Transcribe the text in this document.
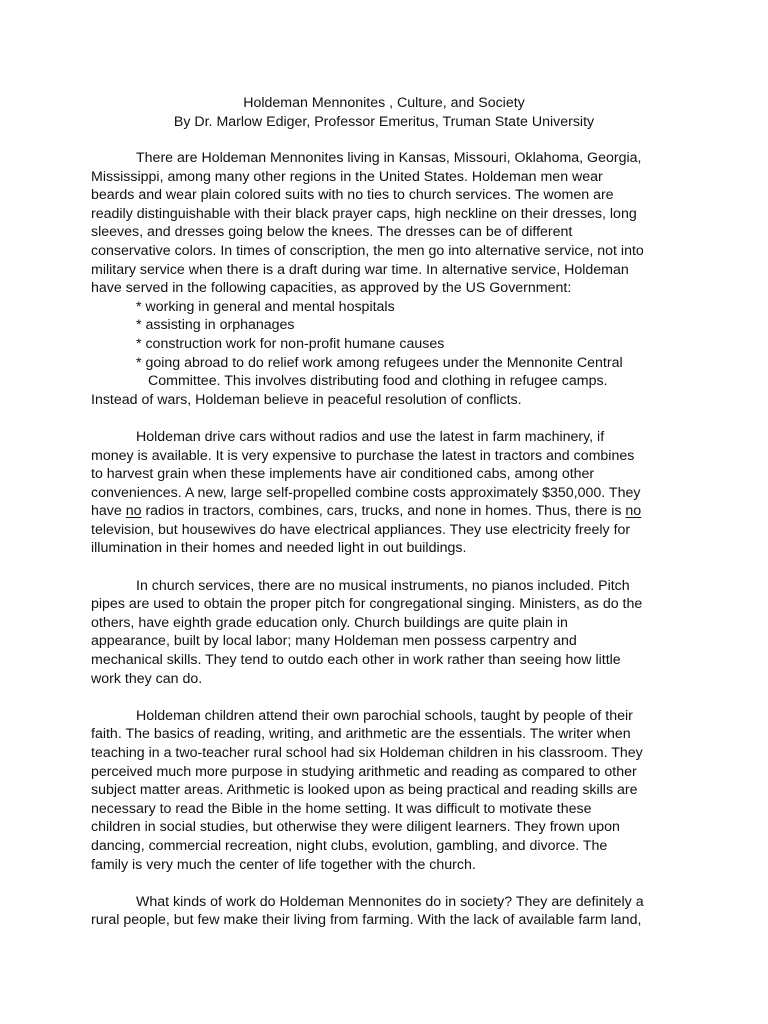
Holdeman Mennonites , Culture, and Society
By Dr. Marlow Ediger, Professor Emeritus, Truman State University
There are Holdeman Mennonites living in Kansas, Missouri, Oklahoma, Georgia,
Mississippi, among many other regions in the United States. Holdeman men wear
beards and wear plain colored suits with no ties to church services. The women are
readily distinguishable with their black prayer caps, high neckline on their dresses, long
sleeves, and dresses going below the knees. The dresses can be of different
conservative colors. In times of conscription, the men go into alternative service, not into
military service when there is a draft during war time. In alternative service, Holdeman
have served in the following capacities, as approved by the US Government:
* working in general and mental hospitals
* assisting in orphanages
* construction work for non-profit humane causes
* going abroad to do relief work among refugees under the Mennonite Central
Committee. This involves distributing food and clothing in refugee camps.
Instead of wars, Holdeman believe in peaceful resolution of conflicts.
Holdeman drive cars without radios and use the latest in farm machinery, if
money is available. It is very expensive to purchase the latest in tractors and combines
to harvest grain when these implements have air conditioned cabs, among other
conveniences. A new, large self-propelled combine costs approximately $350,000. They
have no radios in tractors, combines, cars, trucks, and none in homes. Thus, there is no
television, but housewives do have electrical appliances. They use electricity freely for
illumination in their homes and needed light in out buildings.
In church services, there are no musical instruments, no pianos included. Pitch
pipes are used to obtain the proper pitch for congregational singing. Ministers, as do the
others, have eighth grade education only. Church buildings are quite plain in
appearance, built by local labor; many Holdeman men possess carpentry and
mechanical skills. They tend to outdo each other in work rather than seeing how little
work they can do.
Holdeman children attend their own parochial schools, taught by people of their
faith. The basics of reading, writing, and arithmetic are the essentials. The writer when
teaching in a two-teacher rural school had six Holdeman children in his classroom. They
perceived much more purpose in studying arithmetic and reading as compared to other
subject matter areas. Arithmetic is looked upon as being practical and reading skills are
necessary to read the Bible in the home setting. It was difficult to motivate these
children in social studies, but otherwise they were diligent learners. They frown upon
dancing, commercial recreation, night clubs, evolution, gambling, and divorce. The
family is very much the center of life together with the church.
What kinds of work do Holdeman Mennonites do in society? They are definitely a
rural people, but few make their living from farming. With the lack of available farm land,
